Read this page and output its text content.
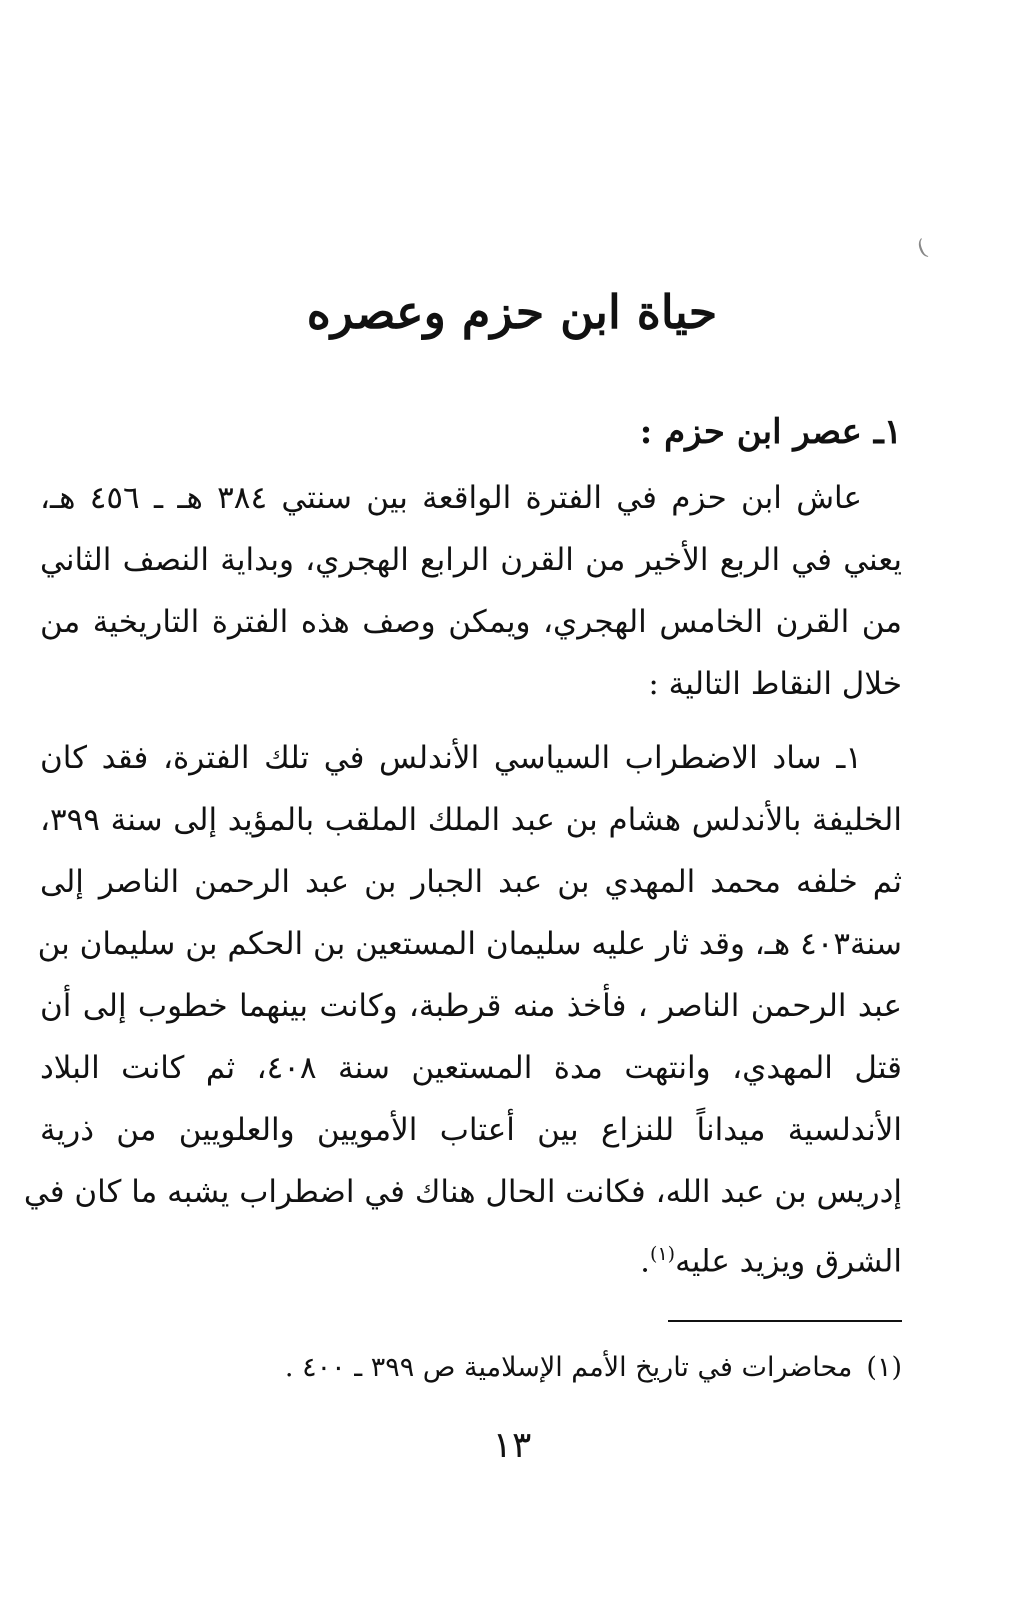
(
حياة ابن حزم وعصره
١ـ عصر ابن حزم :
عاش ابن حزم في الفترة الواقعة بين سنتي ٣٨٤ هـ ـ ٤٥٦ هـ،
يعني في الربع الأخير من القرن الرابع الهجري، وبداية النصف الثاني
من القرن الخامس الهجري، ويمكن وصف هذه الفترة التاريخية من
خلال النقاط التالية :
١ـ ساد الاضطراب السياسي الأندلس في تلك الفترة، فقد كان
الخليفة بالأندلس هشام بن عبد الملك الملقب بالمؤيد إلى سنة ٣٩٩،
ثم خلفه محمد المهدي بن عبد الجبار بن عبد الرحمن الناصر إلى
سنة٤٠٣ هـ، وقد ثار عليه سليمان المستعين بن الحكم بن سليمان بن
عبد الرحمن الناصر ، فأخذ منه قرطبة، وكانت بينهما خطوب إلى أن
قتل المهدي، وانتهت مدة المستعين سنة ٤٠٨، ثم كانت البلاد
الأندلسية ميداناً للنزاع بين أعتاب الأمويين والعلويين من ذرية
إدريس بن عبد الله، فكانت الحال هناك في اضطراب يشبه ما كان في
الشرق ويزيد عليه$^{(١)}$.
(١)محاضرات في تاريخ الأمم الإسلامية ص ٣٩٩ ـ ٤٠٠ .
١٣
